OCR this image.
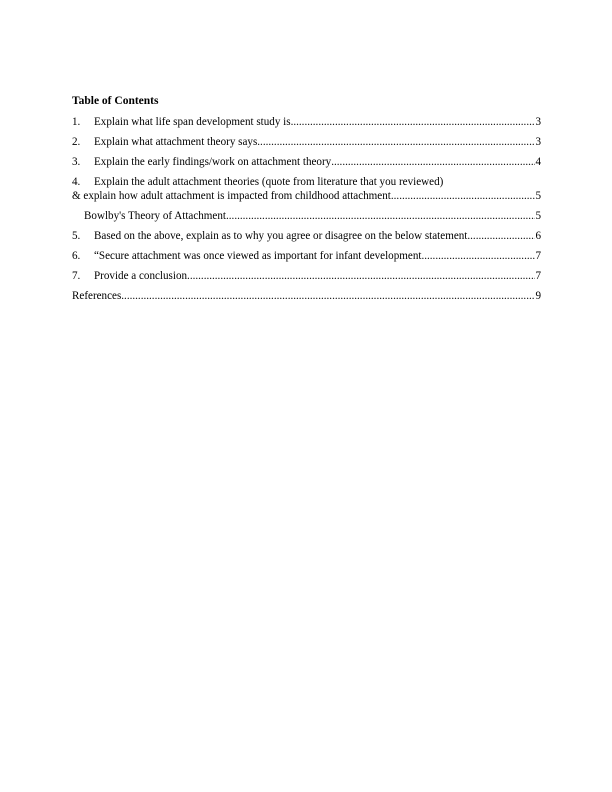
Table of Contents
1.	Explain what life span development study is .....	3
2.	Explain what attachment theory says .....	3
3.	Explain the early findings/work on attachment theory .....	4
4.	Explain the adult attachment theories (quote from literature that you reviewed)
& explain how adult attachment is impacted from childhood attachment. .....	5
Bowlby's Theory of Attachment .....	5
5.	Based on the above, explain as to why you agree or disagree on the below statement .....	6
6.	“Secure attachment was once viewed as important for infant development .....	7
7.	Provide a conclusion .....	7
References .....	9
